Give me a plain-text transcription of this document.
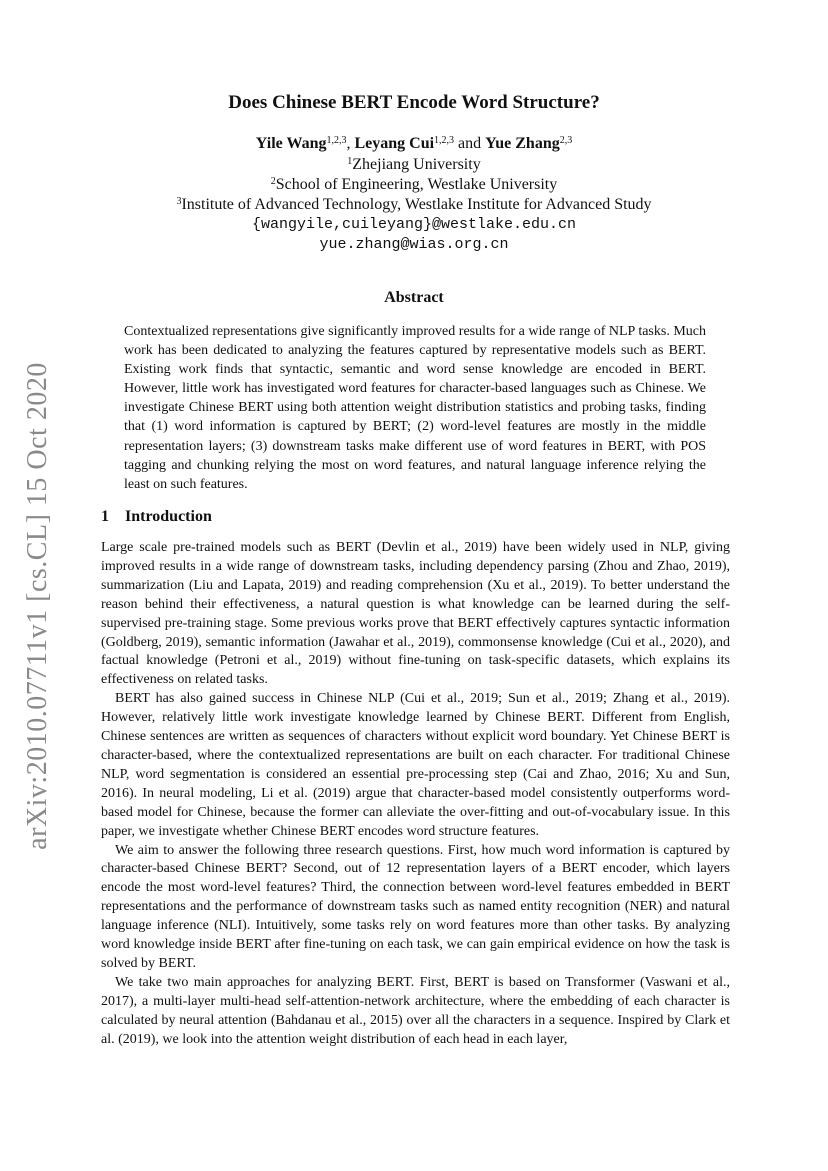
arXiv:2010.07711v1 [cs.CL] 15 Oct 2020
Does Chinese BERT Encode Word Structure?
Yile Wang$^{1,2,3}$, Leyang Cui$^{1,2,3}$ and Yue Zhang$^{2,3}$
$^1$Zhejiang University
$^2$School of Engineering, Westlake University
$^3$Institute of Advanced Technology, Westlake Institute for Advanced Study
{wangyile,cuileyang}@westlake.edu.cn
yue.zhang@wias.org.cn
Abstract
Contextualized representations give significantly improved results for a wide range of NLP tasks. Much work has been dedicated to analyzing the features captured by representative models such as BERT. Existing work finds that syntactic, semantic and word sense knowledge are encoded in BERT. However, little work has investigated word features for character-based languages such as Chinese. We investigate Chinese BERT using both attention weight distribution statistics and probing tasks, finding that (1) word information is captured by BERT; (2) word-level features are mostly in the middle representation layers; (3) downstream tasks make different use of word features in BERT, with POS tagging and chunking relying the most on word features, and natural language inference relying the least on such features.
1 Introduction

Large scale pre-trained models such as BERT (Devlin et al., 2019) have been widely used in NLP, giving improved results in a wide range of downstream tasks, including dependency parsing (Zhou and Zhao, 2019), summarization (Liu and Lapata, 2019) and reading comprehension (Xu et al., 2019). To better understand the reason behind their effectiveness, a natural question is what knowledge can be learned during the self-supervised pre-training stage. Some previous works prove that BERT effectively captures syntactic information (Goldberg, 2019), semantic information (Jawahar et al., 2019), commonsense knowledge (Cui et al., 2020), and factual knowledge (Petroni et al., 2019) without fine-tuning on task-specific datasets, which explains its effectiveness on related tasks.

BERT has also gained success in Chinese NLP (Cui et al., 2019; Sun et al., 2019; Zhang et al., 2019). However, relatively little work investigate knowledge learned by Chinese BERT. Different from English, Chinese sentences are written as sequences of characters without explicit word boundary. Yet Chinese BERT is character-based, where the contextualized representations are built on each character. For traditional Chinese NLP, word segmentation is considered an essential pre-processing step (Cai and Zhao, 2016; Xu and Sun, 2016). In neural modeling, Li et al. (2019) argue that character-based model consistently outperforms word-based model for Chinese, because the former can alleviate the over-fitting and out-of-vocabulary issue. In this paper, we investigate whether Chinese BERT encodes word structure features.

We aim to answer the following three research questions. First, how much word information is captured by character-based Chinese BERT? Second, out of 12 representation layers of a BERT encoder, which layers encode the most word-level features? Third, the connection between word-level features embedded in BERT representations and the performance of downstream tasks such as named entity recognition (NER) and natural language inference (NLI). Intuitively, some tasks rely on word features more than other tasks. By analyzing word knowledge inside BERT after fine-tuning on each task, we can gain empirical evidence on how the task is solved by BERT.

We take two main approaches for analyzing BERT. First, BERT is based on Transformer (Vaswani et al., 2017), a multi-layer multi-head self-attention-network architecture, where the embedding of each character is calculated by neural attention (Bahdanau et al., 2015) over all the characters in a sequence. Inspired by Clark et al. (2019), we look into the attention weight distribution of each head in each layer,
